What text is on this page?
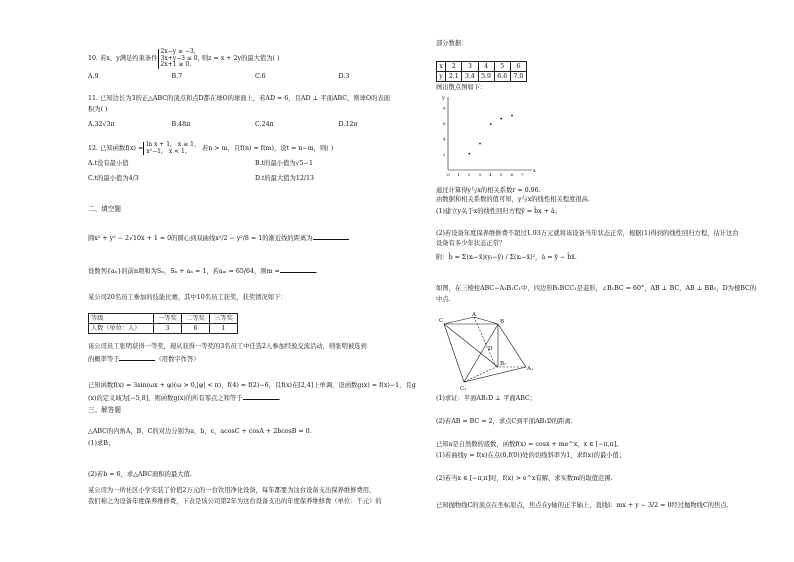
10. 若x，y满足约束条件
2x−y ≥ −3，
3x+y−3 ≤ 0,
2x+1 ≥ 0，
则z = x + 2y的最大值为( )
A.9	B.7	C.6	D.3
11. 已知边长为3的正△ABC的顶点和点D都在球O的球面上，若AD = 6，且AD ⊥ 平面ABC，则球O的表面
积为( )
A.32√3π	B.48π	C.24π	D.12π
12. 已知函数f(x) = ln x + 1， x ≥ 1，
x²−1， x < 1，	若n > m，且f(n) = f(m)，设t = n−m，则( )
A.t没有最小值	B.t的最小值为√5−1
C.t的最小值为4/3	D.t的最大值为12/13
二、填空题
圆x² + y² − 2√10x + 1 = 0的圆心到双曲线x²/2 − y²/8 = 1的渐近线的距离为
设数列{aₙ}的前n项和为Sₙ，Sₙ + aₙ = 1，若aₘ = 65/64，则m =	.
某公司20名员工参加的技能比赛，其中10名员工获奖，获奖情况如下：
等级	一等奖	二等奖	三等奖
人数（单位：人）	3	6	1
该公司员工张明获得一等奖，现从获得一等奖的3名员工中任选2人参加经验交流活动，则张明被选到
的概率等于	（用数字作答）
已知函数f(x) = 3sin(ωx + φ)(ω > 0,|φ| < π)，f(4) = f(2)−6，且f(x)在[2,4]上单调，设函数g(x) = f(x)−1，且g
(x)的定义域为[−5,8]，则函数g(x)的所有零点之和等于	.
三、解答题
△ABC的内角A，B，C的对边分别为a，b，c，acosC + cosA + 2bcosB = 0.
(1)求B；
(2)若b = 6，求△ABC面积的最大值.
某公司为一所社区小学安装了价值2万元的一台饮用净化设备，每年都要为这台设备支出保养维修费用，
我们称之为设备年度保养维修费，下表是该公司第2年为这台设备支出的年度保养维修费（单位：千元）的
部分数据：
x	2	3	4	5	6
y	2.1	3.4	5.9	6.6	7.0
画出散点图如下：
x
y
O 1 2 3 4 5 6 7
2
4
6
8
通过计算得y与x的相关系数r = 0.96.
由数据和相关系数的值可知，y与x的线性相关程度很高.
(1)建立y关于x的线性回归方程ŷ = b̂x + â；
(2)若设备年度保养维修费不超过1.93万元就将该设备当年状态正常，根据(1)得到的线性回归方程，估计这台
设备有多少年状态正常？
附：b̂ = Σ(xᵢ−x̄)(yᵢ−ȳ) / Σ(xᵢ−x̄)²，â = ȳ − b̂x̄.
如图，在三棱柱ABC−A₁B₁C₁中，四边形B₁BCC₁是菱形，∠B₁BC = 60°，AB ⊥ BC，AB ⊥ BB₁，D为棱BC的
中点.
C
A
B
D
B₁
A₁
C₁
(1)求证：平面AB₁D ⊥ 平面ABC；
(2)若AB = BC = 2，求点C到平面AB₁D的距离.
已知a是自然数的底数，函数f(x) = cosx + me^x，x ∈ [−π,π]。
(1)若曲线y = f(x)在点(0,f(0))处的切线斜率为1，求f(x)的最小值；
(2)若当x ∈ [−π,π]时，f(x) > e^x有解，求实数m的取值范围.
已知抛物线C的顶点在坐标原点，焦点在y轴的正半轴上，直线l：mx + y − 3/2 = 0经过抛物线C的焦点.
